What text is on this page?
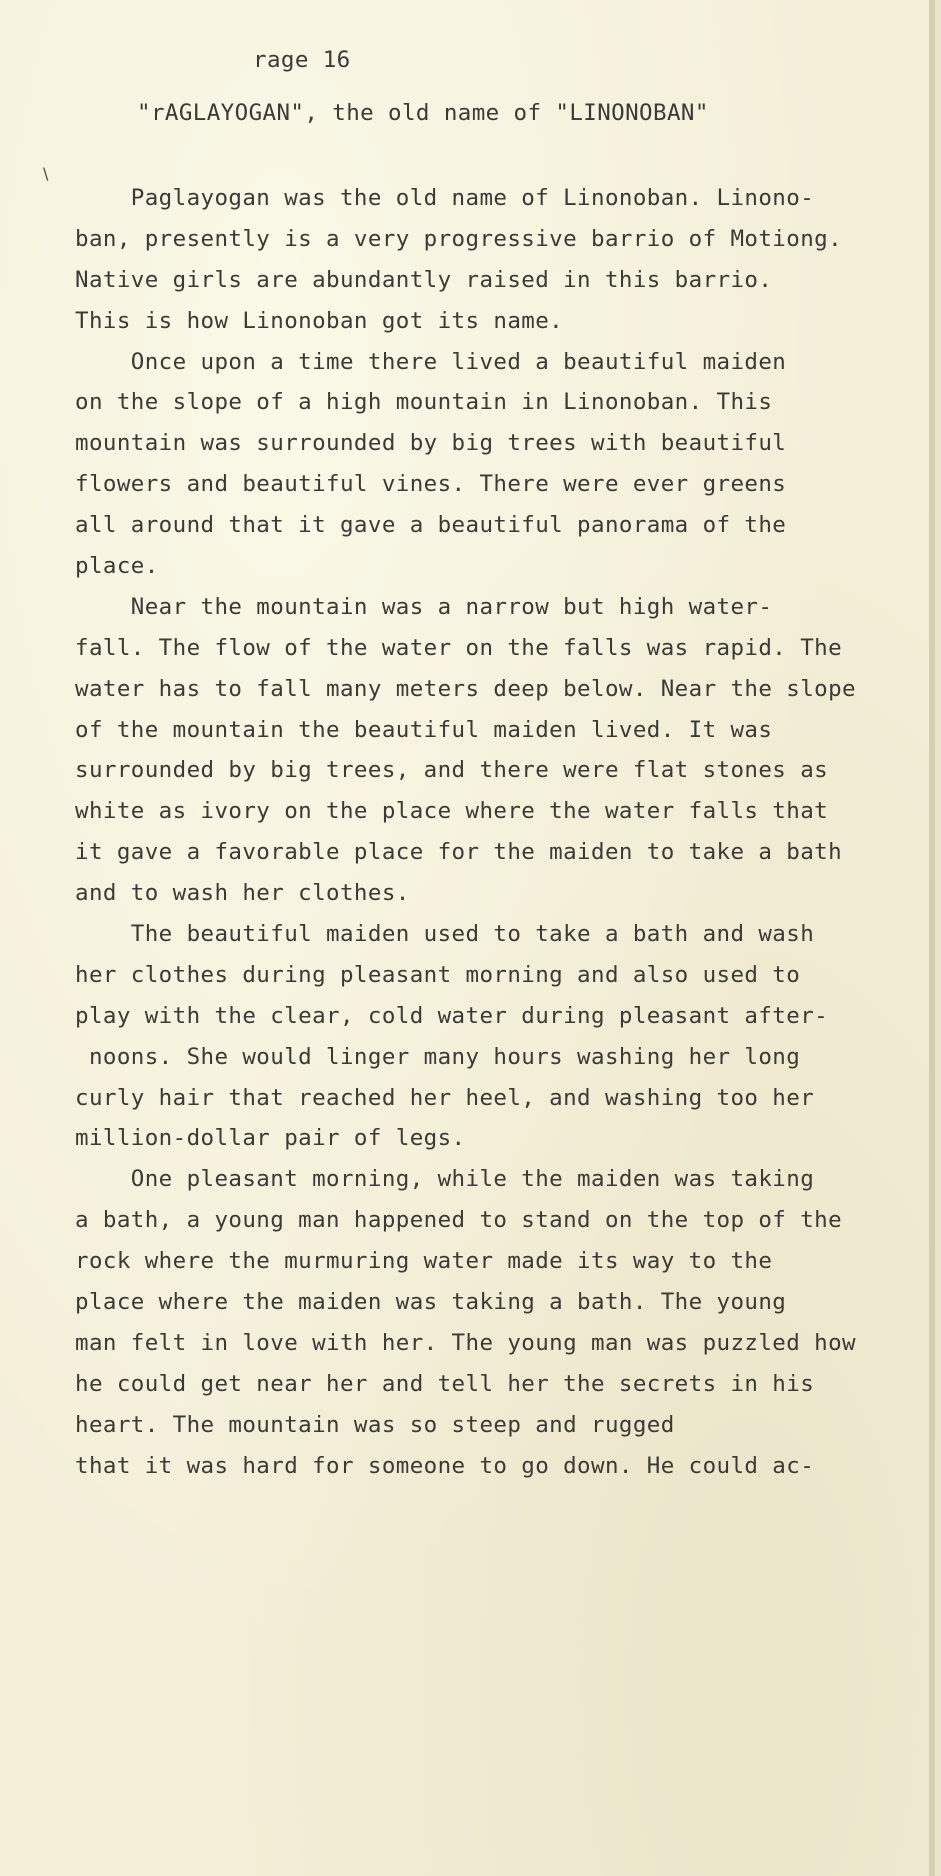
rage 16
"rAGLAYOGAN", the old name of "LINONOBAN"
\
Paglayogan was the old name of Linonoban. Linono-
ban, presently is a very progressive barrio of Motiong.
Native girls are abundantly raised in this barrio.
This is how Linonoban got its name.
Once upon a time there lived a beautiful maiden
on the slope of a high mountain in Linonoban. This
mountain was surrounded by big trees with beautiful
flowers and beautiful vines. There were ever greens
all around that it gave a beautiful panorama of the
place.
Near the mountain was a narrow but high water-
fall. The flow of the water on the falls was rapid. The
water has to fall many meters deep below. Near the slope
of the mountain the beautiful maiden lived. It was
surrounded by big trees, and there were flat stones as
white as ivory on the place where the water falls that
it gave a favorable place for the maiden to take a bath
and to wash her clothes.
The beautiful maiden used to take a bath and wash
her clothes during pleasant morning and also used to
play with the clear, cold water during pleasant after-
noons. She would linger many hours washing her long
curly hair that reached her heel, and washing too her
million-dollar pair of legs.
One pleasant morning, while the maiden was taking
a bath, a young man happened to stand on the top of the
rock where the murmuring water made its way to the
place where the maiden was taking a bath. The young
man felt in love with her. The young man was puzzled how
he could get near her and tell her the secrets in his
heart. The mountain was so steep and rugged
that it was hard for someone to go down. He could ac-
